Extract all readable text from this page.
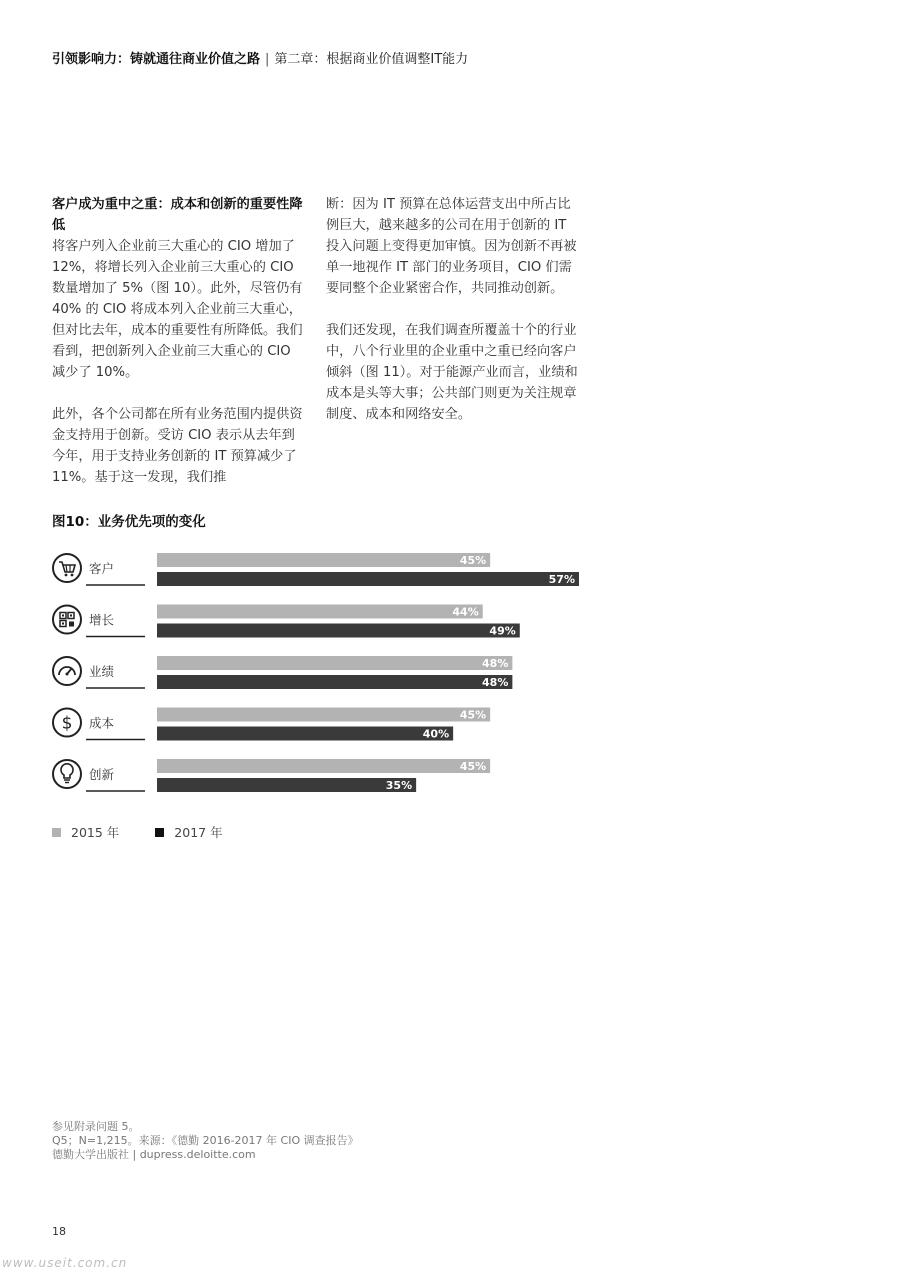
引领影响力：铸就通往商业价值之路 | 第二章：根据商业价值调整IT能力

客户成为重中之重：成本和创新的重要性降低

将客户列入企业前三大重心的 CIO 增加了 12%，将增长列入企业前三大重心的 CIO 数量增加了 5%（图 10）。此外，尽管仍有 40% 的 CIO 将成本列入企业前三大重心，但对比去年，成本的重要性有所降低。我们看到，把创新列入企业前三大重心的 CIO 减少了 10%。

此外，各个公司都在所有业务范围内提供资金支持用于创新。受访 CIO 表示从去年到今年，用于支持业务创新的 IT 预算减少了 11%。基于这一发现，我们推

断：因为 IT 预算在总体运营支出中所占比例巨大，越来越多的公司在用于创新的 IT 投入问题上变得更加审慎。因为创新不再被单一地视作 IT 部门的业务项目，CIO 们需要同整个企业紧密合作，共同推动创新。

我们还发现，在我们调查所覆盖十个的行业中，八个行业里的企业重中之重已经向客户倾斜（图 11）。对于能源产业而言，业绩和成本是头等大事；公共部门则更为关注规章制度、成本和网络安全。

图10：业务优先项的变化
客户
45%
57%
增长
44%
49%
业绩
48%
48%
$ 成本
45%
40%
创新
45%
35%
2015 年	2017 年
参见附录问题 5。
Q5；N=1,215。来源：《德勤 2016-2017 年 CIO 调查报告》
德勤大学出版社 | dupress.deloitte.com
18
www.useit.com.cn
